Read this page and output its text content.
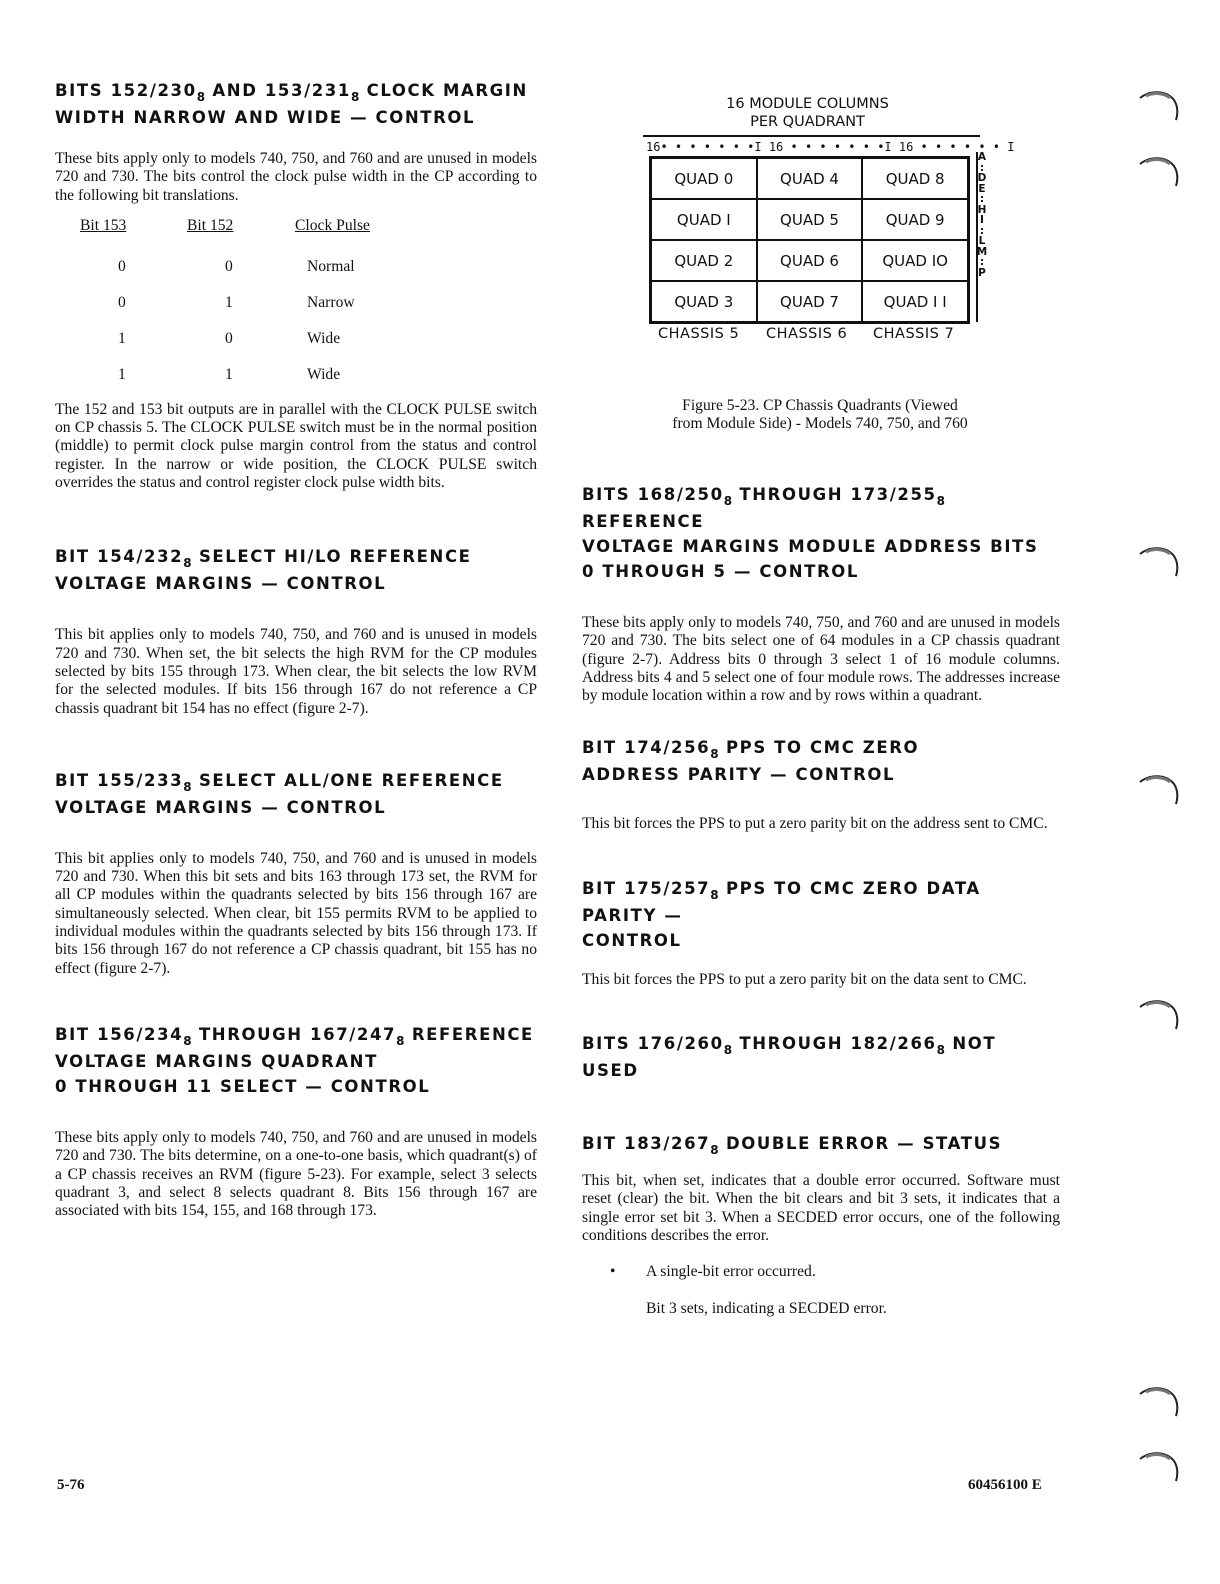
BITS $152/230_8$ AND $153/231_8$ CLOCK MARGIN
WIDTH NARROW AND WIDE — CONTROL

These bits apply only to models 740, 750, and 760 and are unused in models 720 and 730. The bits control the clock pulse width in the CP according to the following bit translations.

Bit 153	Bit 152	Clock Pulse
0	0	Normal
0	1	Narrow
1	0	Wide
1	1	Wide

The 152 and 153 bit outputs are in parallel with the CLOCK PULSE switch on CP chassis 5. The CLOCK PULSE switch must be in the normal position (middle) to permit clock pulse margin control from the status and control register. In the narrow or wide position, the CLOCK PULSE switch overrides the status and control register clock pulse width bits.

BIT $154/232_8$ SELECT HI/LO REFERENCE
VOLTAGE MARGINS — CONTROL

This bit applies only to models 740, 750, and 760 and is unused in models 720 and 730. When set, the bit selects the high RVM for the CP modules selected by bits 155 through 173. When clear, the bit selects the low RVM for the selected modules. If bits 156 through 167 do not reference a CP chassis quadrant bit 154 has no effect (figure 2-7).

BIT $155/233_8$ SELECT ALL/ONE REFERENCE
VOLTAGE MARGINS — CONTROL

This bit applies only to models 740, 750, and 760 and is unused in models 720 and 730. When this bit sets and bits 163 through 173 set, the RVM for all CP modules within the quadrants selected by bits 156 through 167 are simultaneously selected. When clear, bit 155 permits RVM to be applied to individual modules within the quadrants selected by bits 156 through 173. If bits 156 through 167 do not reference a CP chassis quadrant, bit 155 has no effect (figure 2-7).

BIT $156/234_8$ THROUGH $167/247_8$ REFERENCE
VOLTAGE MARGINS QUADRANT
0 THROUGH 11 SELECT — CONTROL

These bits apply only to models 740, 750, and 760 and are unused in models 720 and 730. The bits determine, on a one-to-one basis, which quadrant(s) of a CP chassis receives an RVM (figure 5-23). For example, select 3 selects quadrant 3, and select 8 selects quadrant 8. Bits 156 through 167 are associated with bits 154, 155, and 168 through 173.

16 MODULE COLUMNS
PER QUADRANT
16• • • • • • •I 16 • • • • • • •I 16 • • • • • • I
A
:
D
E
:
H
I
:
L
M
:
P
QUAD 0	QUAD 4	QUAD 8
QUAD I	QUAD 5	QUAD 9
QUAD 2	QUAD 6	QUAD IO
QUAD 3	QUAD 7	QUAD I I
CHASSIS 5 CHASSIS 6 CHASSIS 7
Figure 5-23. CP Chassis Quadrants (Viewed
from Module Side) - Models 740, 750, and 760
BITS $168/250_8$ THROUGH $173/255_8$ REFERENCE
VOLTAGE MARGINS MODULE ADDRESS BITS
0 THROUGH 5 — CONTROL

These bits apply only to models 740, 750, and 760 and are unused in models 720 and 730. The bits select one of 64 modules in a CP chassis quadrant (figure 2-7). Address bits 0 through 3 select 1 of 16 module columns. Address bits 4 and 5 select one of four module rows. The addresses increase by module location within a row and by rows within a quadrant.

BIT $174/256_8$ PPS TO CMC ZERO
ADDRESS PARITY — CONTROL

This bit forces the PPS to put a zero parity bit on the address sent to CMC.

BIT $175/257_8$ PPS TO CMC ZERO DATA PARITY —
CONTROL

This bit forces the PPS to put a zero parity bit on the data sent to CMC.

BITS $176/260_8$ THROUGH $182/266_8$ NOT USED
BIT $183/267_8$ DOUBLE ERROR — STATUS

This bit, when set, indicates that a double error occurred. Software must reset (clear) the bit. When the bit clears and bit 3 sets, it indicates that a single error set bit 3. When a SECDED error occurs, one of the following conditions describes the error.

• A single-bit error occurred.

Bit 3 sets, indicating a SECDED error.

5-76	60456100 E
